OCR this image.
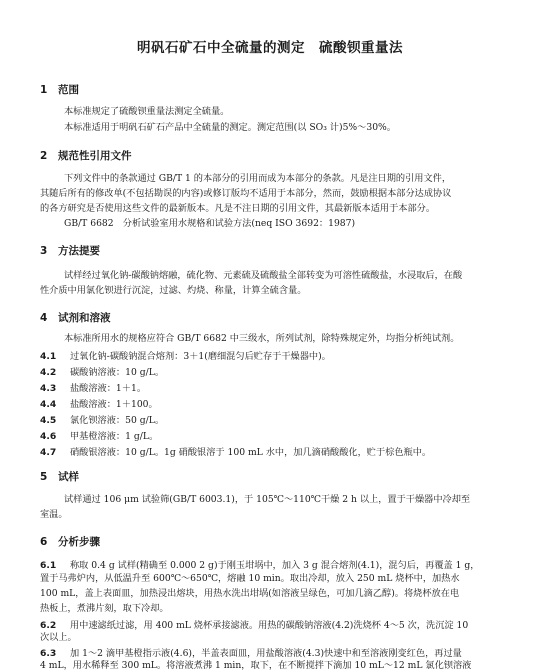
明矾石矿石中全硫量的测定　硫酸钡重量法
1 范围
本标准规定了硫酸钡重量法测定全硫量。
本标准适用于明矾石矿石产品中全硫量的测定。测定范围(以 SO₃ 计)5%～30%。
2 规范性引用文件
下列文件中的条款通过 GB/T 1 的本部分的引用而成为本部分的条款。凡是注日期的引用文件，
其随后所有的修改单(不包括勘误的内容)或修订版均不适用于本部分，然而，鼓励根据本部分达成协议
的各方研究是否使用这些文件的最新版本。凡是不注日期的引用文件，其最新版本适用于本部分。
GB/T 6682　分析试验室用水规格和试验方法(neq ISO 3692：1987)
3 方法提要
试样经过氧化钠-碳酸钠熔融，硫化物、元素硫及硫酸盐全部转变为可溶性硫酸盐，水浸取后，在酸
性介质中用氯化钡进行沉淀，过滤、灼烧、称量，计算全硫含量。
4 试剂和溶液
本标准所用水的规格应符合 GB/T 6682 中三级水，所列试剂，除特殊规定外，均指分析纯试剂。
4.1 过氧化钠-碳酸钠混合熔剂：3＋1(磨细混匀后贮存于干燥器中)。
4.2 碳酸钠溶液：10 g/L。
4.3 盐酸溶液：1＋1。
4.4 盐酸溶液：1＋100。
4.5 氯化钡溶液：50 g/L。
4.6 甲基橙溶液：1 g/L。
4.7 硝酸银溶液：10 g/L。1g 硝酸银溶于 100 mL 水中，加几滴硝酸酸化，贮于棕色瓶中。
5 试样
试样通过 106 μm 试验筛(GB/T 6003.1)，于 105℃～110℃干燥 2 h 以上，置于干燥器中冷却至
室温。
6 分析步骤
6.1 称取 0.4 g 试样(精确至 0.000 2 g)于刚玉坩埚中，加入 3 g 混合熔剂(4.1)，混匀后，再覆盖 1 g，
置于马弗炉内，从低温升至 600℃～650℃，熔融 10 min。取出冷却，放入 250 mL 烧杯中，加热水
100 mL，盖上表面皿，加热浸出熔块，用热水洗出坩埚(如溶液呈绿色，可加几滴乙醇)。将烧杯放在电
热板上，煮沸片刻，取下冷却。
6.2 用中速滤纸过滤，用 400 mL 烧杯承接滤液。用热的碳酸钠溶液(4.2)洗烧杯 4～5 次，洗沉淀 10
次以上。
6.3 加 1～2 滴甲基橙指示液(4.6)，半盖表面皿，用盐酸溶液(4.3)快速中和至溶液刚变红色，再过量
4 mL，用水稀释至 300 mL。将溶液煮沸 1 min，取下，在不断搅拌下滴加 10 mL～12 mL 氯化钡溶液
